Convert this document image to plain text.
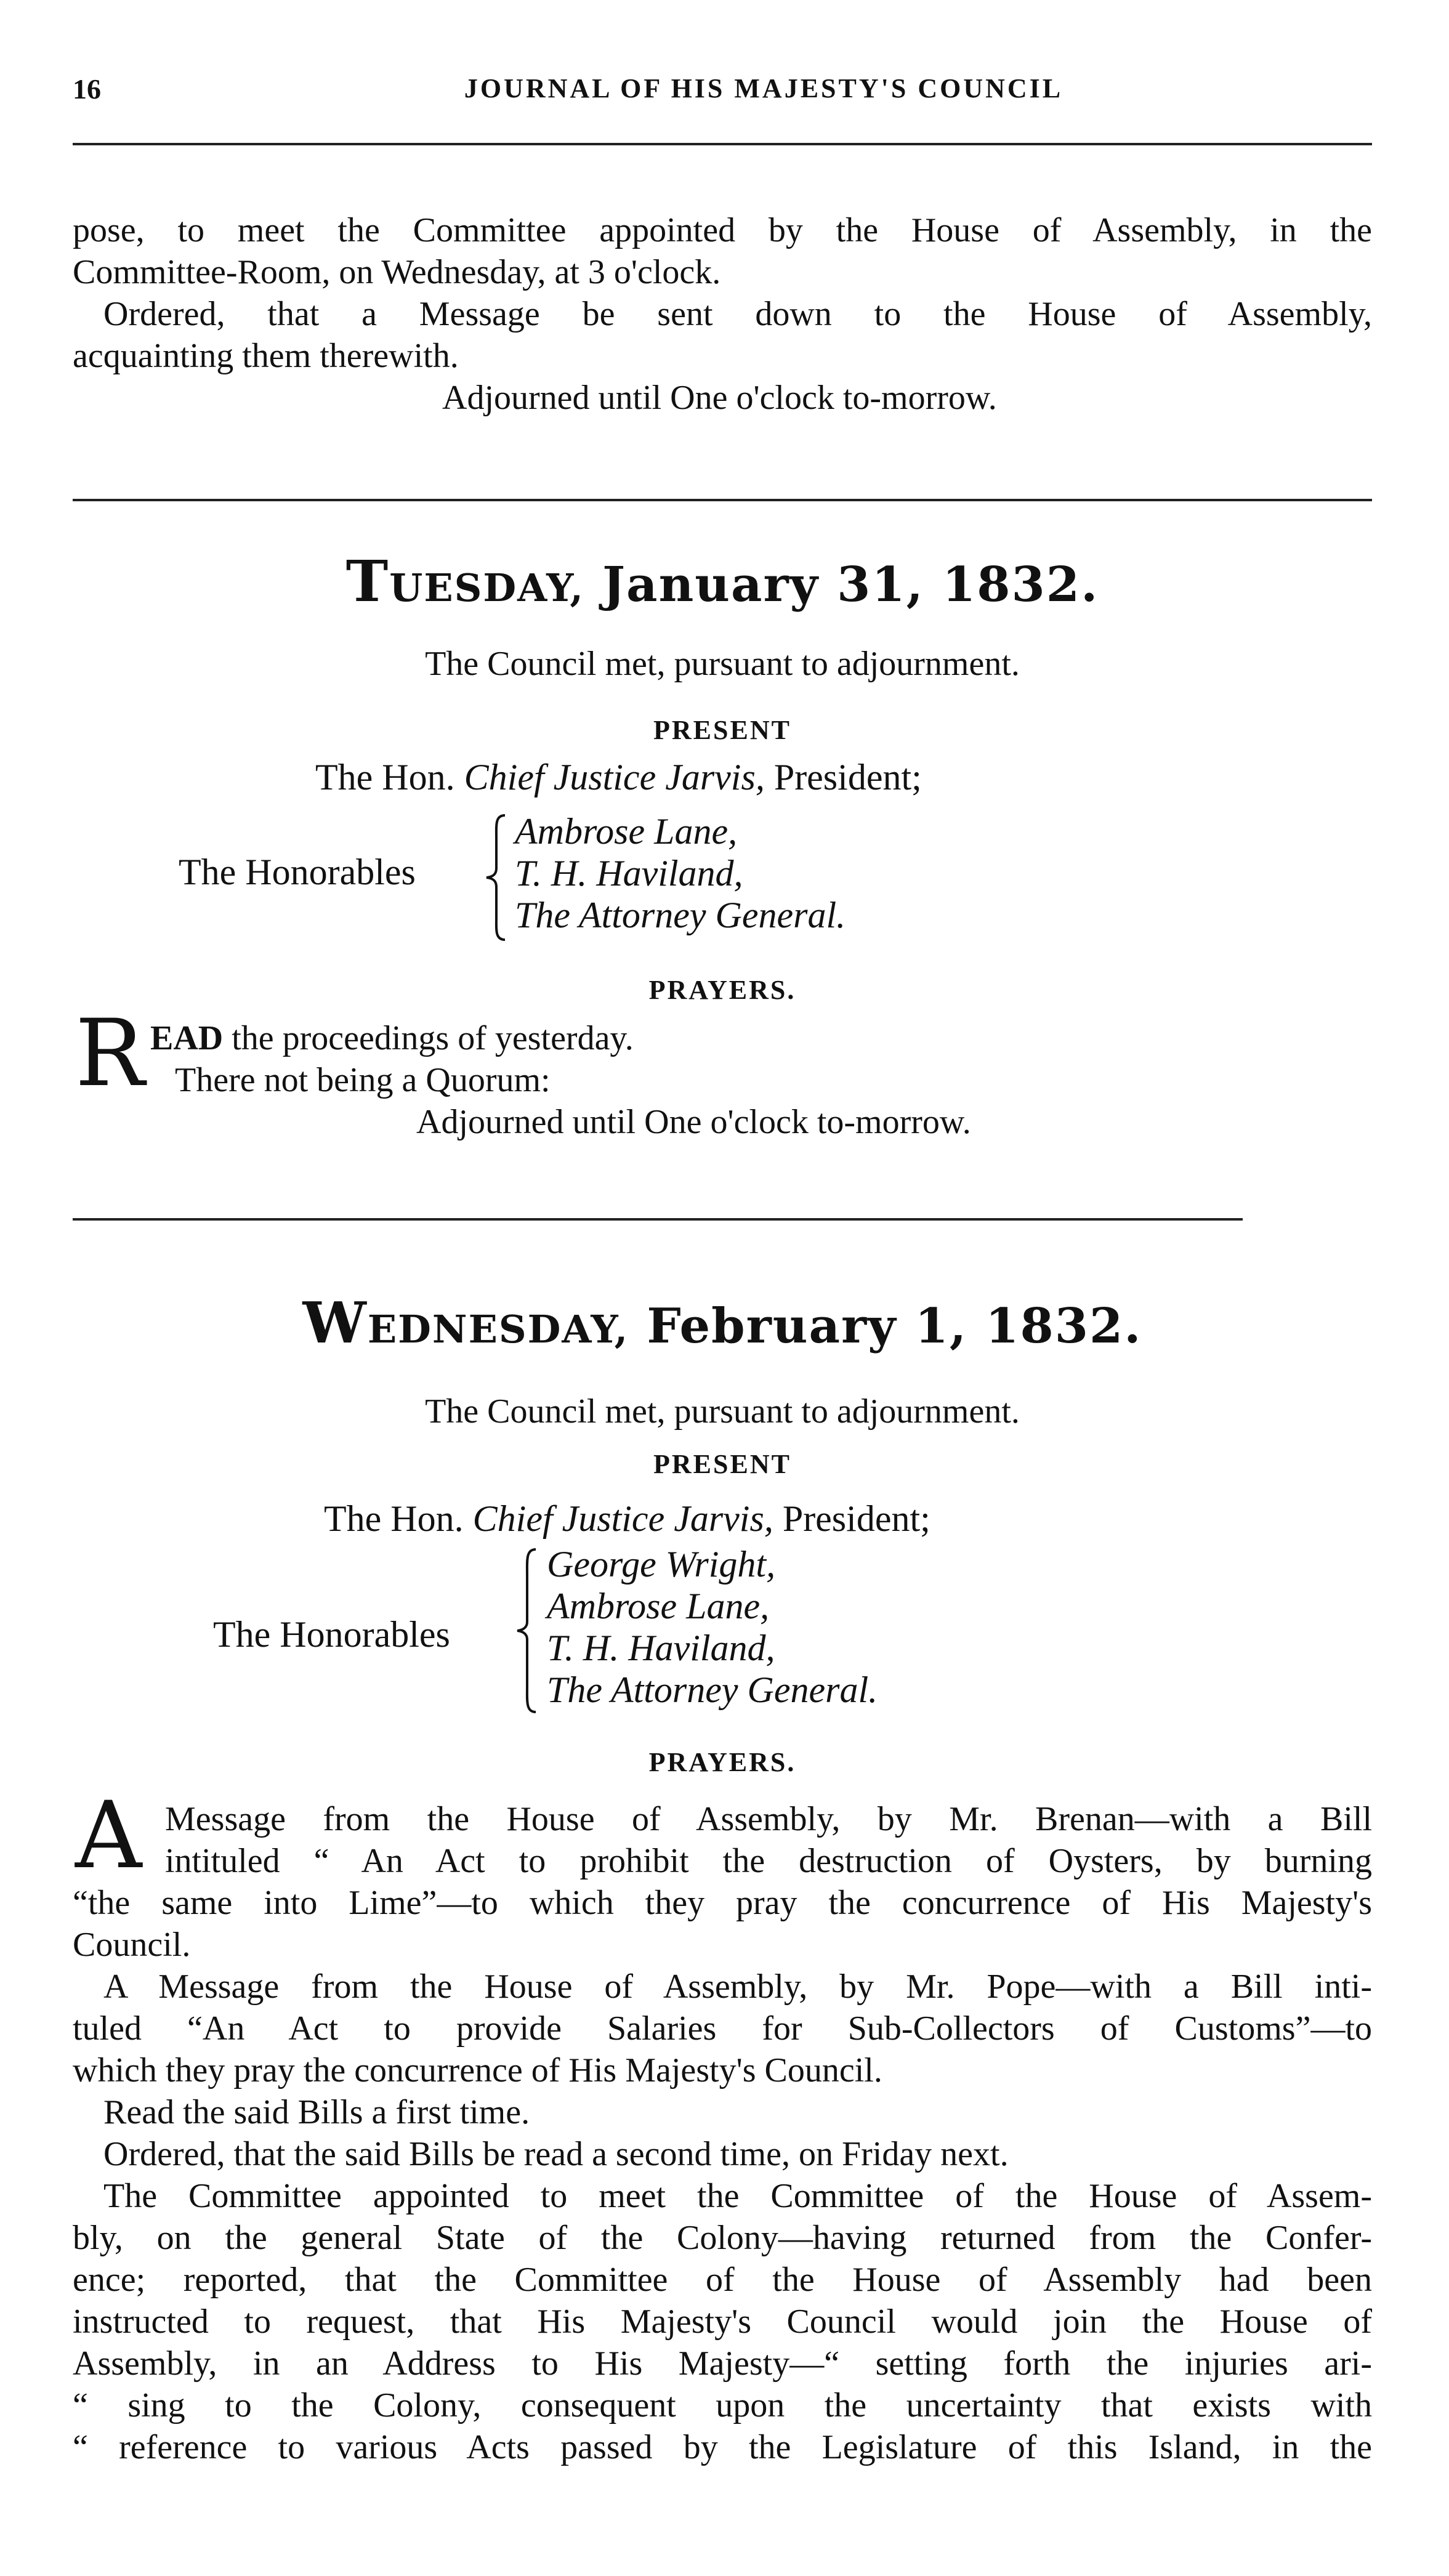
16	JOURNAL OF HIS MAJESTY'S COUNCIL
pose, to meet the Committee appointed by the House of Assembly, in the
Committee-Room, on Wednesday, at 3 o'clock.
Ordered, that a Message be sent down to the House of Assembly,
acquainting them therewith.
Adjourned until One o'clock to-morrow.
TUESDAY, January 31, 1832.
The Council met, pursuant to adjournment.
PRESENT
The Hon. Chief Justice Jarvis, President;
The Honorables
Ambrose Lane,
T. H. Haviland,
The Attorney General.
PRAYERS.
R EAD the proceedings of yesterday.
There not being a Quorum:
Adjourned until One o'clock to-morrow.
WEDNESDAY, February 1, 1832.
The Council met, pursuant to adjournment.
PRESENT
The Hon. Chief Justice Jarvis, President;
The Honorables
George Wright,
Ambrose Lane,
T. H. Haviland,
The Attorney General.
PRAYERS.
A Message from the House of Assembly, by Mr. Brenan—with a Bill
intituled “ An Act to prohibit the destruction of Oysters, by burning
“the same into Lime”—to which they pray the concurrence of His Majesty's
Council.
A Message from the House of Assembly, by Mr. Pope—with a Bill inti-
tuled “An Act to provide Salaries for Sub-Collectors of Customs”—to
which they pray the concurrence of His Majesty's Council.
Read the said Bills a first time.
Ordered, that the said Bills be read a second time, on Friday next.
The Committee appointed to meet the Committee of the House of Assem-
bly, on the general State of the Colony—having returned from the Confer-
ence; reported, that the Committee of the House of Assembly had been
instructed to request, that His Majesty's Council would join the House of
Assembly, in an Address to His Majesty—“ setting forth the injuries ari-
“ sing to the Colony, consequent upon the uncertainty that exists with
“ reference to various Acts passed by the Legislature of this Island, in the
